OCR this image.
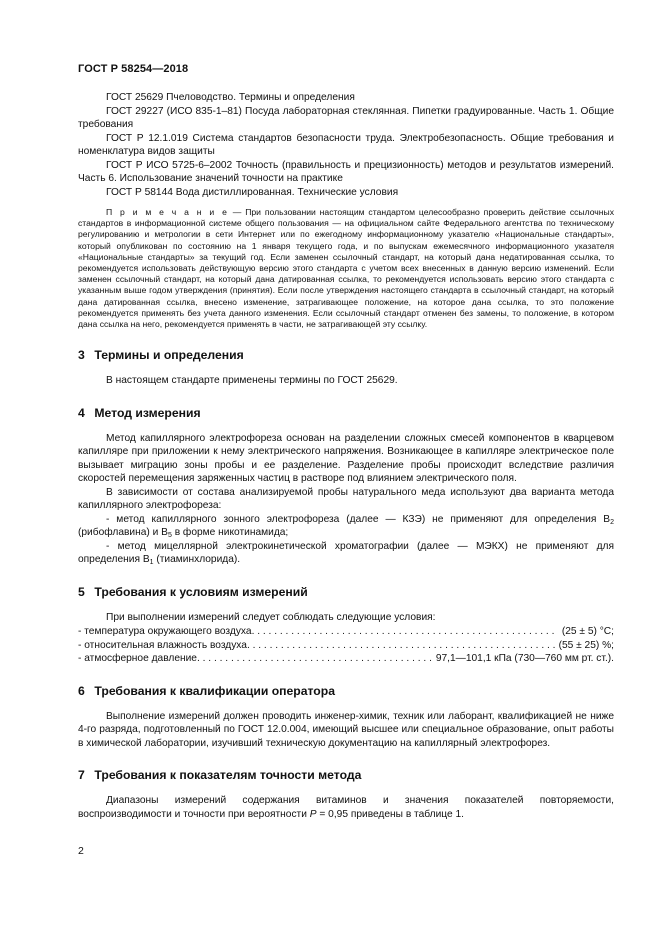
ГОСТ Р 58254—2018

ГОСТ 25629 Пчеловодство. Термины и определения

ГОСТ 29227 (ИСО 835-1–81) Посуда лабораторная стеклянная. Пипетки градуированные. Часть 1. Общие требования

ГОСТ Р 12.1.019 Система стандартов безопасности труда. Электробезопасность. Общие требования и номенклатура видов защиты

ГОСТ Р ИСО 5725-6–2002 Точность (правильность и прецизионность) методов и результатов измерений. Часть 6. Использование значений точности на практике

ГОСТ Р 58144 Вода дистиллированная. Технические условия

П р и м е ч а н и е — При пользовании настоящим стандартом целесообразно проверить действие ссылочных стандартов в информационной системе общего пользования — на официальном сайте Федерального агентства по техническому регулированию и метрологии в сети Интернет или по ежегодному информационному указателю «Национальные стандарты», который опубликован по состоянию на 1 января текущего года, и по выпускам ежемесячного информационного указателя «Национальные стандарты» за текущий год. Если заменен ссылочный стандарт, на который дана недатированная ссылка, то рекомендуется использовать действующую версию этого стандарта с учетом всех внесенных в данную версию изменений. Если заменен ссылочный стандарт, на который дана датированная ссылка, то рекомендуется использовать версию этого стандарта с указанным выше годом утверждения (принятия). Если после утверждения настоящего стандарта в ссылочный стандарт, на который дана датированная ссылка, внесено изменение, затрагивающее положение, на которое дана ссылка, то это положение рекомендуется применять без учета данного изменения. Если ссылочный стандарт отменен без замены, то положение, в котором дана ссылка на него, рекомендуется применять в части, не затрагивающей эту ссылку.

3 Термины и определения

В настоящем стандарте применены термины по ГОСТ 25629.

4 Метод измерения

Метод капиллярного электрофореза основан на разделении сложных смесей компонентов в кварцевом капилляре при приложении к нему электрического напряжения. Возникающее в капилляре электрическое поле вызывает миграцию зоны пробы и ее разделение. Разделение пробы происходит вследствие различия скоростей перемещения заряженных частиц в растворе под влиянием электрического поля.

В зависимости от состава анализируемой пробы натурального меда используют два варианта метода капиллярного электрофореза:

- метод капиллярного зонного электрофореза (далее — КЗЭ) не применяют для определения $В_2$ (рибофлавина) и $В_5$ в форме никотинамида;

- метод мицеллярной электрокинетической хроматографии (далее — МЭКХ) не применяют для определения $В_1$ (тиаминхлорида).

5 Требования к условиям измерений

При выполнении измерений следует соблюдать следующие условия:

- температура окружающего воздуха . . .	(25 ± 5) °С;
- относительная влажность воздуха . . .	(55 ± 25) %;
- атмосферное давление . . .	97,1—101,1 кПа (730—760 мм рт. ст.).
6 Требования к квалификации оператора

Выполнение измерений должен проводить инженер-химик, техник или лаборант, квалификацией не ниже 4-го разряда, подготовленный по ГОСТ 12.0.004, имеющий высшее или специальное образование, опыт работы в химической лаборатории, изучивший техническую документацию на капиллярный электрофорез.

7 Требования к показателям точности метода

Диапазоны измерений содержания витаминов и значения показателей повторяемости, воспроизводимости и точности при вероятности Р = 0,95 приведены в таблице 1.

2
